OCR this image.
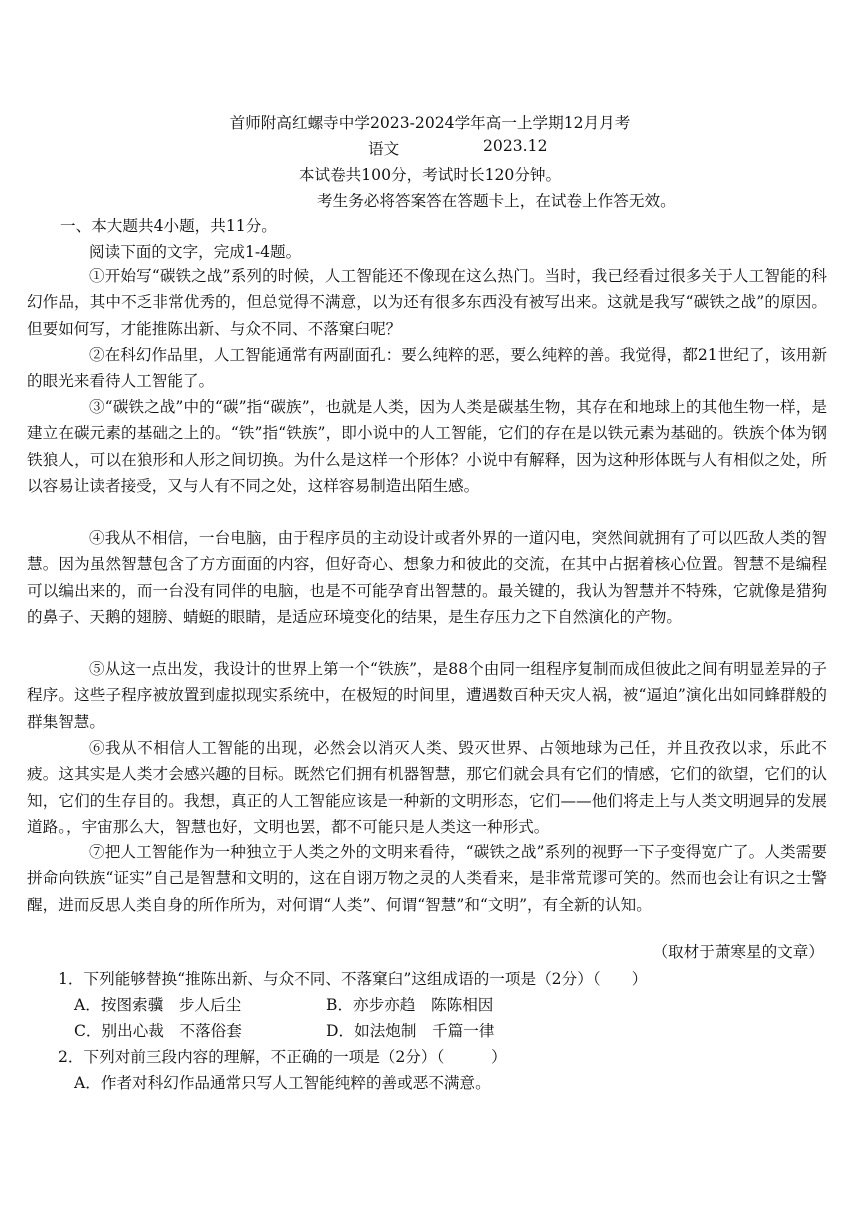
首师附高红螺寺中学2023-2024学年高一上学期12月月考
语文	2023.12
本试卷共100分，考试时长120分钟。
考生务必将答案答在答题卡上，在试卷上作答无效。
一、本大题共4小题，共11分。
阅读下面的文字，完成1-4题。
①开始写“碳铁之战”系列的时候，人工智能还不像现在这么热门。当时，我已经看过很多关于人工智能的科幻作品，其中不乏非常优秀的，但总觉得不满意，以为还有很多东西没有被写出来。这就是我写“碳铁之战”的原因。但要如何写，才能推陈出新、与众不同、不落窠臼呢？
②在科幻作品里，人工智能通常有两副面孔：要么纯粹的恶，要么纯粹的善。我觉得，都21世纪了，该用新的眼光来看待人工智能了。
③“碳铁之战”中的“碳”指“碳族”，也就是人类，因为人类是碳基生物，其存在和地球上的其他生物一样，是建立在碳元素的基础之上的。“铁”指“铁族”，即小说中的人工智能，它们的存在是以铁元素为基础的。铁族个体为钢铁狼人，可以在狼形和人形之间切换。为什么是这样一个形体？小说中有解释，因为这种形体既与人有相似之处，所以容易让读者接受，又与人有不同之处，这样容易制造出陌生感。
④我从不相信，一台电脑，由于程序员的主动设计或者外界的一道闪电，突然间就拥有了可以匹敌人类的智慧。因为虽然智慧包含了方方面面的内容，但好奇心、想象力和彼此的交流，在其中占据着核心位置。智慧不是编程可以编出来的，而一台没有同伴的电脑，也是不可能孕育出智慧的。最关键的，我认为智慧并不特殊，它就像是猎狗的鼻子、天鹅的翅膀、蜻蜓的眼睛，是适应环境变化的结果，是生存压力之下自然演化的产物。
⑤从这一点出发，我设计的世界上第一个“铁族”，是88个由同一组程序复制而成但彼此之间有明显差异的子程序。这些子程序被放置到虚拟现实系统中，在极短的时间里，遭遇数百种天灾人祸，被“逼迫”演化出如同蜂群般的群集智慧。
⑥我从不相信人工智能的出现，必然会以消灭人类、毁灭世界、占领地球为己任，并且孜孜以求，乐此不疲。这其实是人类才会感兴趣的目标。既然它们拥有机器智慧，那它们就会具有它们的情感，它们的欲望，它们的认知，它们的生存目的。我想，真正的人工智能应该是一种新的文明形态，它们——他们将走上与人类文明迥异的发展道路。，宇宙那么大，智慧也好，文明也罢，都不可能只是人类这一种形式。
⑦把人工智能作为一种独立于人类之外的文明来看待，“碳铁之战”系列的视野一下子变得宽广了。人类需要拼命向铁族“证实”自己是智慧和文明的，这在自诩万物之灵的人类看来，是非常荒谬可笑的。然而也会让有识之士警醒，进而反思人类自身的所作所为，对何谓“人类”、何谓“智慧”和“文明”，有全新的认知。
（取材于萧寒星的文章）
1．下列能够替换“推陈出新、与众不同、不落窠臼”这组成语的一项是（2分）（　　）
A．按图索骥　步人后尘	B．亦步亦趋　陈陈相因
C．别出心裁　不落俗套	D．如法炮制　千篇一律
2．下列对前三段内容的理解，不正确的一项是（2分）（　　　）
A．作者对科幻作品通常只写人工智能纯粹的善或恶不满意。
